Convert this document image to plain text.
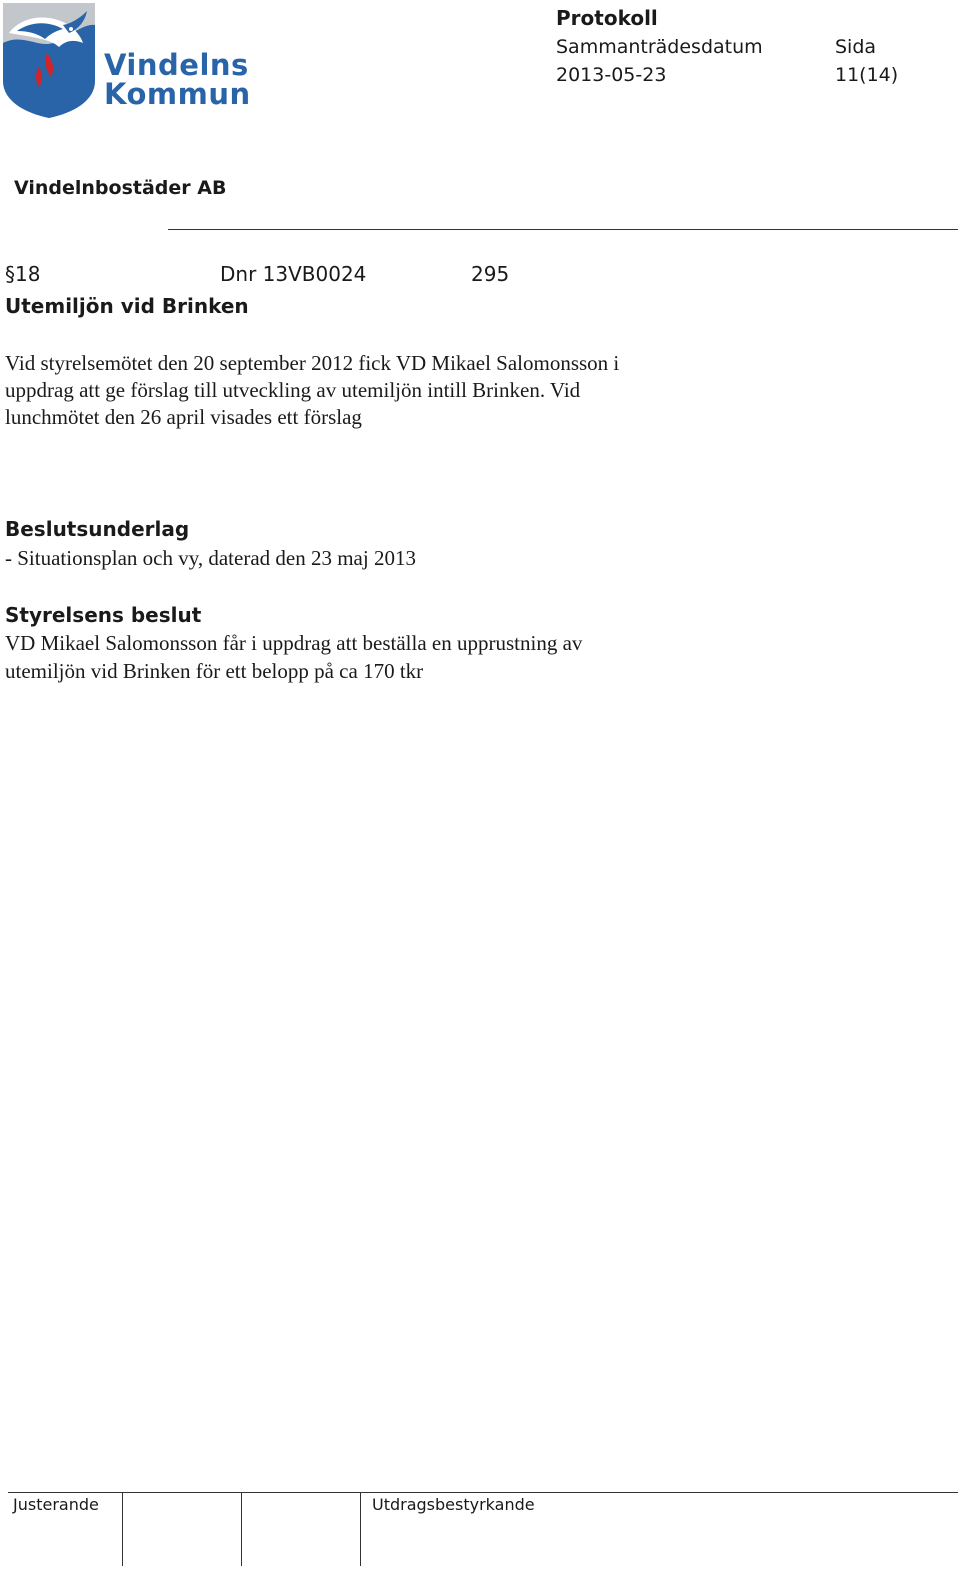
Vindelns
Kommun
Protokoll
Sammanträdesdatum	Sida
2013-05-23	11(14)
Vindelnbostäder AB
§18	Dnr 13VB0024	295
Utemiljön vid Brinken
Vid styrelsemötet den 20 september 2012 fick VD Mikael Salomonsson i
uppdrag att ge förslag till utveckling av utemiljön intill Brinken. Vid
lunchmötet den 26 april visades ett förslag
Beslutsunderlag
- Situationsplan och vy, daterad den 23 maj 2013
Styrelsens beslut
VD Mikael Salomonsson får i uppdrag att beställa en upprustning av
utemiljön vid Brinken för ett belopp på ca 170 tkr
Justerande	Utdragsbestyrkande
